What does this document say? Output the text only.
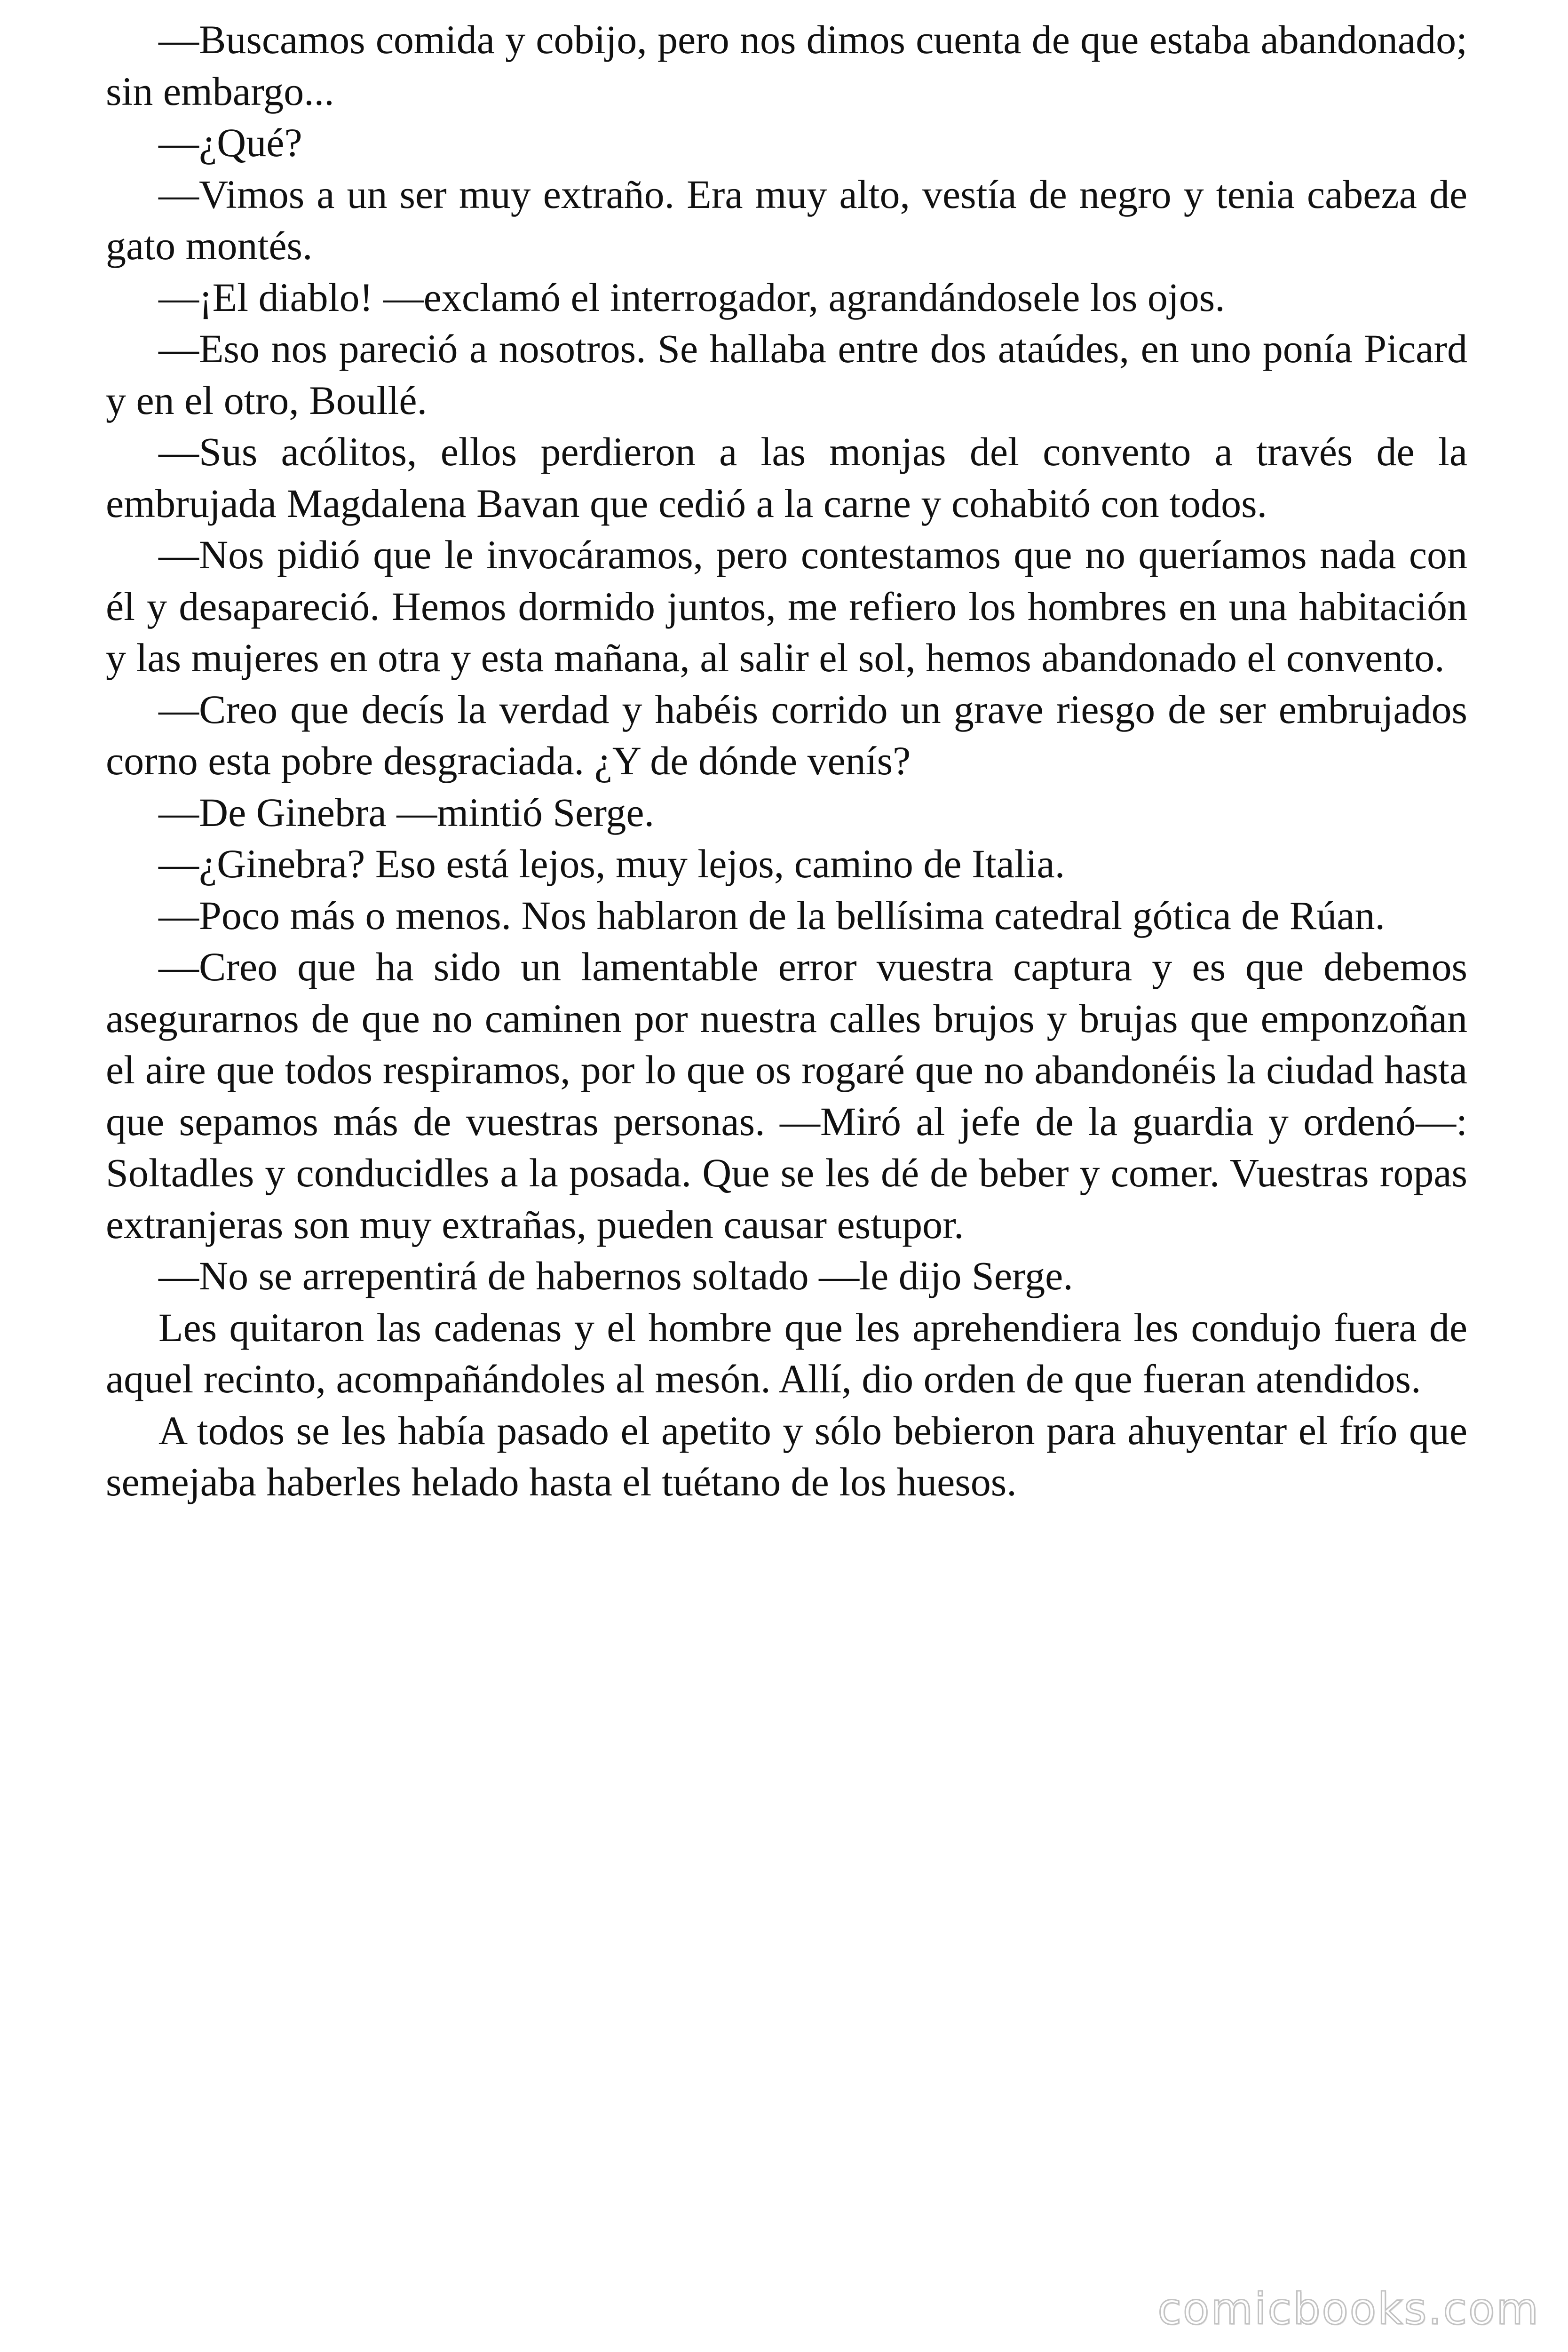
—Buscamos comida y cobijo, pero nos dimos cuenta de que estaba abandonado; sin embargo...

—¿Qué?

—Vimos a un ser muy extraño. Era muy alto, vestía de negro y tenia cabeza de gato montés.

—¡El diablo! —exclamó el interrogador, agrandándosele los ojos.

—Eso nos pareció a nosotros. Se hallaba entre dos ataúdes, en uno ponía Picard y en el otro, Boullé.

—Sus acólitos, ellos perdieron a las monjas del convento a través de la embrujada Magdalena Bavan que cedió a la carne y cohabitó con todos.

—Nos pidió que le invocáramos, pero contestamos que no queríamos nada con él y desapareció. Hemos dormido juntos, me refiero los hombres en una habitación y las mujeres en otra y esta mañana, al salir el sol, hemos abandonado el convento.

—Creo que decís la verdad y habéis corrido un grave riesgo de ser embrujados corno esta pobre desgraciada. ¿Y de dónde venís?

—De Ginebra —mintió Serge.

—¿Ginebra? Eso está lejos, muy lejos, camino de Italia.

—Poco más o menos. Nos hablaron de la bellísima catedral gótica de Rúan.

—Creo que ha sido un lamentable error vuestra captura y es que debemos asegurarnos de que no caminen por nuestra calles brujos y brujas que emponzoñan el aire que todos respiramos, por lo que os rogaré que no abandonéis la ciudad hasta que sepamos más de vuestras personas. —Miró al jefe de la guardia y ordenó—: Soltadles y conducidles a la posada. Que se les dé de beber y comer. Vuestras ropas extranjeras son muy extrañas, pueden causar estupor.

—No se arrepentirá de habernos soltado —le dijo Serge.

Les quitaron las cadenas y el hombre que les aprehendiera les condujo fuera de aquel recinto, acompañándoles al mesón. Allí, dio orden de que fueran atendidos.

A todos se les había pasado el apetito y sólo bebieron para ahuyentar el frío que semejaba haberles helado hasta el tuétano de los huesos.

comicbooks.com
